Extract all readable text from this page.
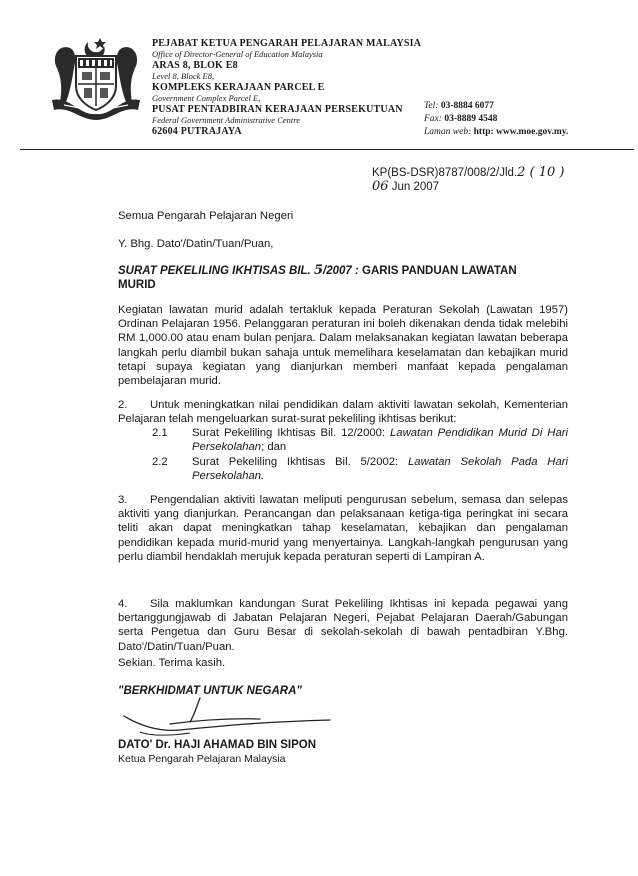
PEJABAT KETUA PENGARAH PELAJARAN MALAYSIA
Office of Director-General of Education Malaysia
ARAS 8, BLOK E8
Level 8, Block E8,
KOMPLEKS KERAJAAN PARCEL E
Government Complex Parcel E,
PUSAT PENTADBIRAN KERAJAAN PERSEKUTUAN
Federal Government Administrative Centre
62604 PUTRAJAYA
Tel: 03-8884 6077
Fax: 03-8889 4548
Laman web: http: www.moe.gov.my.
KP(BS-DSR)8787/008/2/Jld.2 ( 10 )
06 Jun 2007
Semua Pengarah Pelajaran Negeri
Y. Bhg. Dato'/Datin/Tuan/Puan,
SURAT PEKELILING IKHTISAS BIL. 5/2007 : GARIS PANDUAN LAWATAN MURID
Kegiatan lawatan murid adalah tertakluk kepada Peraturan Sekolah (Lawatan 1957) Ordinan Pelajaran 1956. Pelanggaran peraturan ini boleh dikenakan denda tidak melebihi RM 1,000.00 atau enam bulan penjara. Dalam melaksanakan kegiatan lawatan beberapa langkah perlu diambil bukan sahaja untuk memelihara keselamatan dan kebajikan murid tetapi supaya kegiatan yang dianjurkan memberi manfaat kepada pengalaman pembelajaran murid.
2. Untuk meningkatkan nilai pendidikan dalam aktiviti lawatan sekolah, Kementerian Pelajaran telah mengeluarkan surat-surat pekeliling ikhtisas berikut:
2.1 Surat Pekeliling Ikhtisas Bil. 12/2000: Lawatan Pendidikan Murid Di Hari Persekolahan; dan
2.2 Surat Pekeliling Ikhtisas Bil. 5/2002: Lawatan Sekolah Pada Hari Persekolahan.
3. Pengendalian aktiviti lawatan meliputi pengurusan sebelum, semasa dan selepas aktiviti yang dianjurkan. Perancangan dan pelaksanaan ketiga-tiga peringkat ini secara teliti akan dapat meningkatkan tahap keselamatan, kebajikan dan pengalaman pendidikan kepada murid-murid yang menyertainya. Langkah-langkah pengurusan yang perlu diambil hendaklah merujuk kepada peraturan seperti di Lampiran A.
4. Sila maklumkan kandungan Surat Pekeliling Ikhtisas ini kepada pegawai yang bertanggungjawab di Jabatan Pelajaran Negeri, Pejabat Pelajaran Daerah/Gabungan serta Pengetua dan Guru Besar di sekolah-sekolah di bawah pentadbiran Y.Bhg. Dato'/Datin/Tuan/Puan.
Sekian. Terima kasih.
"BERKHIDMAT UNTUK NEGARA"
DATO' Dr. HAJI AHAMAD BIN SIPON
Ketua Pengarah Pelajaran Malaysia
